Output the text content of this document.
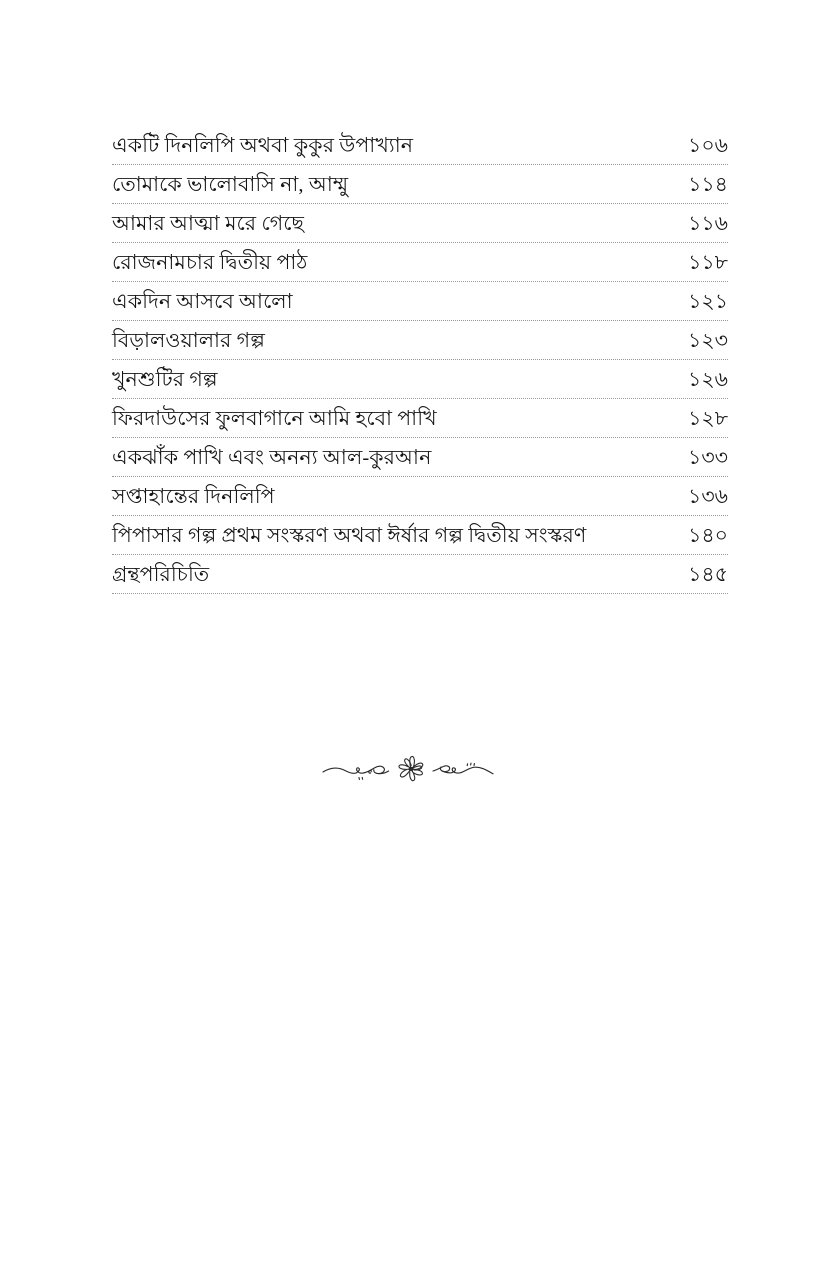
একটি দিনলিপি অথবা কুকুর উপাখ্যান	১০৬
তোমাকে ভালোবাসি না, আম্মু	১১৪
আমার আত্মা মরে গেছে	১১৬
রোজনামচার দ্বিতীয় পাঠ	১১৮
একদিন আসবে আলো	১২১
বিড়ালওয়ালার গল্প	১২৩
খুনশুটির গল্প	১২৬
ফিরদাউসের ফুলবাগানে আমি হবো পাখি	১২৮
একঝাঁক পাখি এবং অনন্য আল-কুরআন	১৩৩
সপ্তাহান্তের দিনলিপি	১৩৬
পিপাসার গল্প প্রথম সংস্করণ অথবা ঈর্ষার গল্প দ্বিতীয় সংস্করণ	১৪০
গ্রন্থপরিচিতি	১৪৫
